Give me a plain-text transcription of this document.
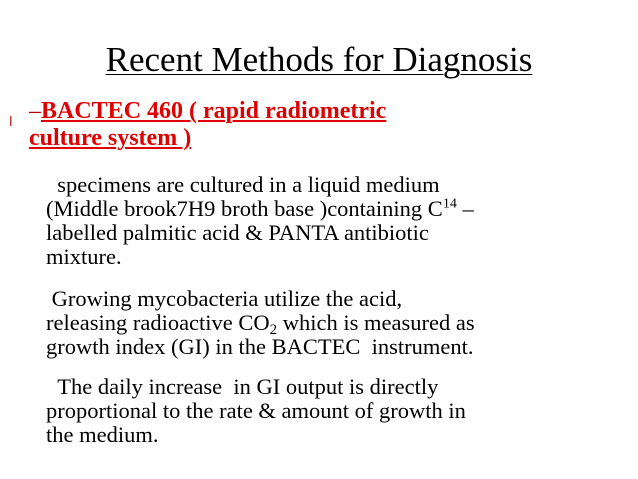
Recent Methods for Diagnosis
l –BACTEC 460 ( rapid radiometric
culture system )
specimens are cultured in a liquid medium
(Middle brook7H9 broth base )containing $C^{14}$ –
labelled palmitic acid & PANTA antibiotic
mixture.
Growing mycobacteria utilize the acid,
releasing radioactive $CO_2$ which is measured as
growth index (GI) in the BACTEC  instrument.
The daily increase  in GI output is directly
proportional to the rate & amount of growth in
the medium.
